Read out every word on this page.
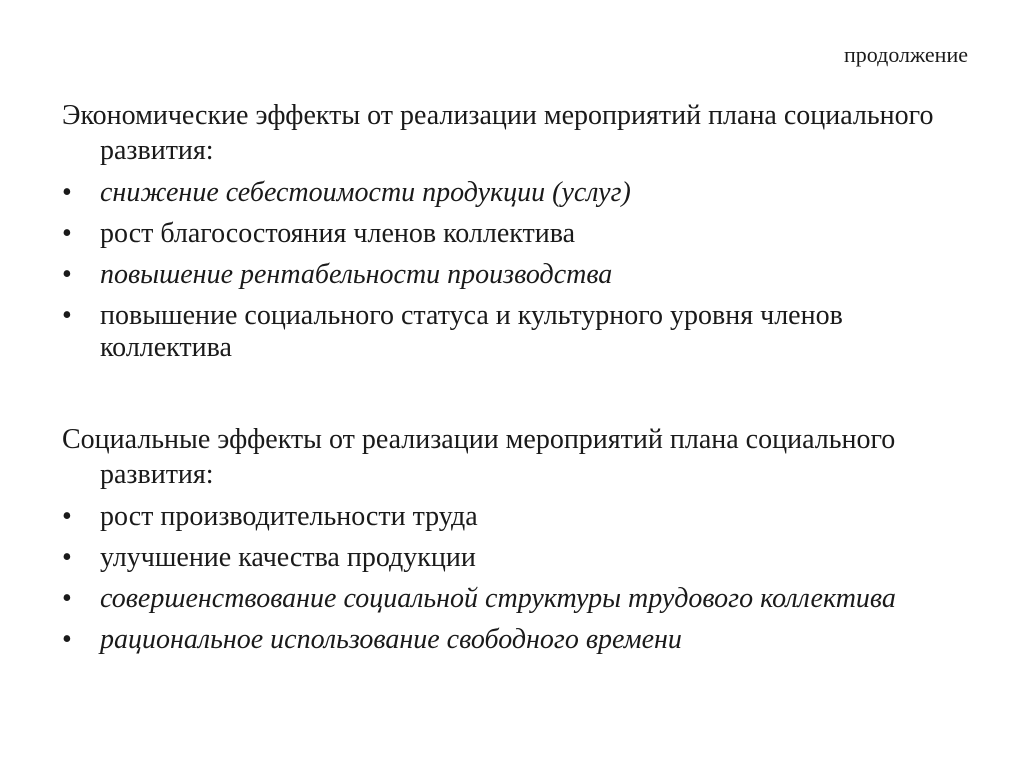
продолжение
Экономические эффекты от реализации мероприятий плана социального развития:
•	снижение себестоимости продукции (услуг)
•	рост благосостояния членов коллектива
•	повышение рентабельности производства
•	повышение социального статуса и культурного уровня членов коллектива
Социальные эффекты от реализации мероприятий плана социального развития:
•	рост производительности труда
•	улучшение качества продукции
•	совершенствование социальной структуры трудового коллектива
•	рациональное использование свободного времени
